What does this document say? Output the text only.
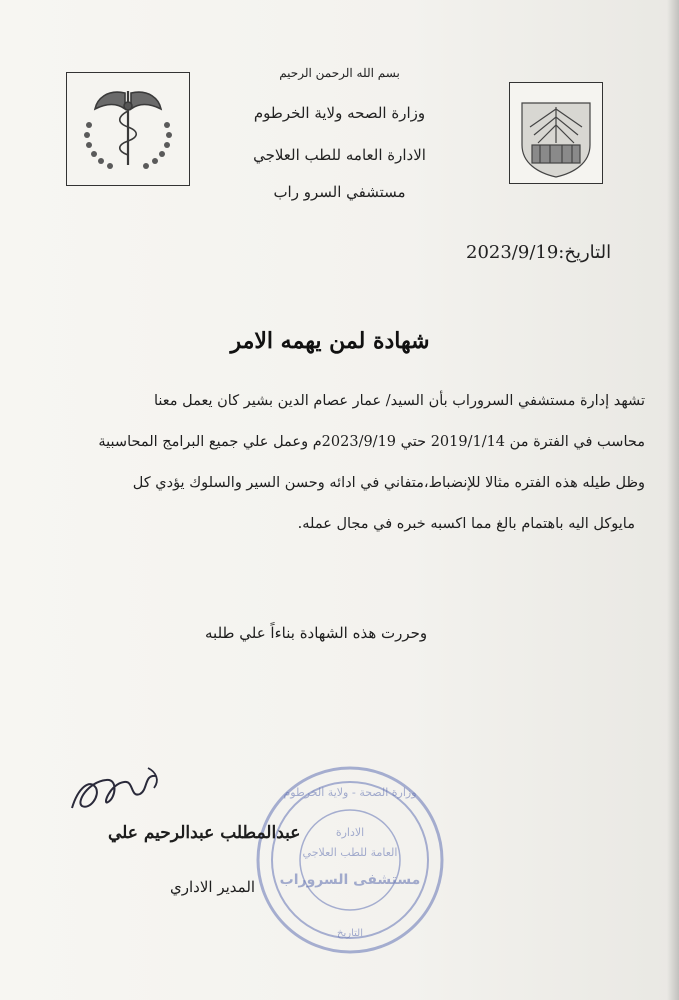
بسم الله الرحمن الرحيم
وزارة الصحه ولاية الخرطوم
الادارة العامه للطب العلاجي
مستشفي السرو راب
التاريخ:2023/9/19
شهادة لمن يهمه الامر
تشهد إدارة مستشفي السروراب بأن السيد/ عمار عصام الدين بشير كان يعمل معنا
محاسب في الفترة من 2019/1/14 حتي 2023/9/19م وعمل علي جميع البرامج المحاسبية
وظل طيله هذه الفتره مثالا للإنضباط،متفاني في ادائه وحسن السير والسلوك يؤدي كل
مايوكل اليه باهتمام بالغ مما اكسبه خبره في مجال عمله.
وحررت هذه الشهادة بناءاً علي طلبه
وزارة الصحة - ولاية الخرطوم
الادارة
العامة للطب العلاجي
مستشفى السروراب
التاريخ
عبدالمطلب عبدالرحيم علي
المدير الاداري
